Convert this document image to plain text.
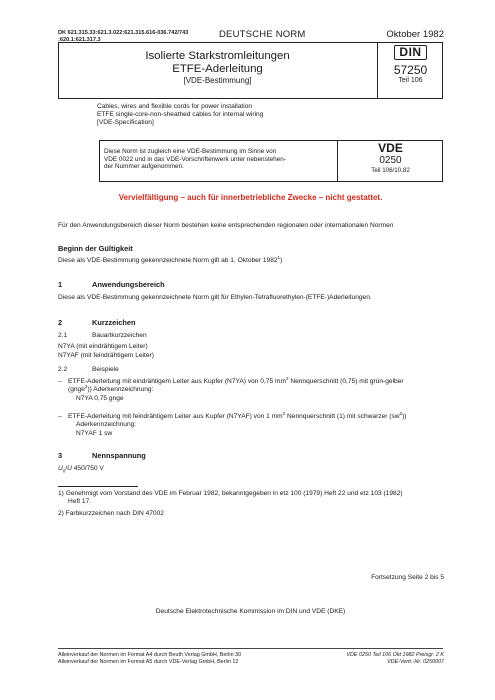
DK 621.315.33:621.3.022:621.315.616-036.742/743
:620.1:621.317.3	DEUTSCHE NORM	Oktober 1982
Isolierte Starkstromleitungen
ETFE-Aderleitung
[VDE-Bestimmung]
DIN
57250
Teil 106
Cables, wires and flexible cords for power installation
ETFE single-core-non-sheathed cables for internal wiring
[VDE-Specification]
Diese Norm ist zugleich eine VDE-Bestimmung im Sinne von
VDE 0022 und in das VDE-Vorschriftenwerk unter nebenstehen-
der Nummer aufgenommen.
VDE
0250
Teil 106/10.82
Vervielfältigung – auch für innerbetriebliche Zwecke – nicht gestattet.
Für den Anwendungsbereich dieser Norm bestehen keine entsprechenden regionalen oder internationalen Normen
Beginn der Gültigkeit
Diese als VDE-Bestimmung gekennzeichnete Norm gilt ab 1. Oktober 1982$^1$)
1	Anwendungsbereich
Diese als VDE-Bestimmung gekennzeichnete Norm gilt für Ethylen-Tetrafluorethylen-(ETFE-)Aderleitungen.
2	Kurzzeichen
2.1	Bauartkurzzeichen
N7YA (mit eindrähtigem Leiter)
N7YAF (mit feindrähtigem Leiter)
2.2	Beispiele
– ETFE-Aderleitung mit eindrähtigem Leiter aus Kupfer (N7YA) von 0,75 $mm^2$ Nennquerschnitt (0,75) mit grün-gelber
(gnge$^2$)) Aderkennzeichnung:
N7YA 0,75 gnge
– ETFE-Aderleitung mit feindrähtigem Leiter aus Kupfer (N7YAF) von 1 $mm^2$ Nennquerschnitt (1) mit schwarzer $(sw^2)$)
Aderkennzeichnung:
N7YAF 1 sw
3	Nennspannung
$U_0/U$ 450/750 V
1) Genehmigt vom Vorstand des VDE im Februar 1982, bekanntgegeben in etz 100 (1979) Heft 22 und etz 103 (1982)
Heft 17.
2) Farbkurzzeichen nach DIN 47002
Fortsetzung Seite 2 bis 5
Deutsche Elektrotechnische Kommission im DIN und VDE (DKE)
Alleinverkauf der Normen im Format A4 durch Beuth Verlag GmbH, Berlin 30
Alleinverkauf der Normen im Format A5 durch VDE-Verlag GmbH, Berlin 12
VDE 0250 Teil 106 Okt 1982 Preisgr. 2 K
VDE-Vertr.-Nr. 0250007
